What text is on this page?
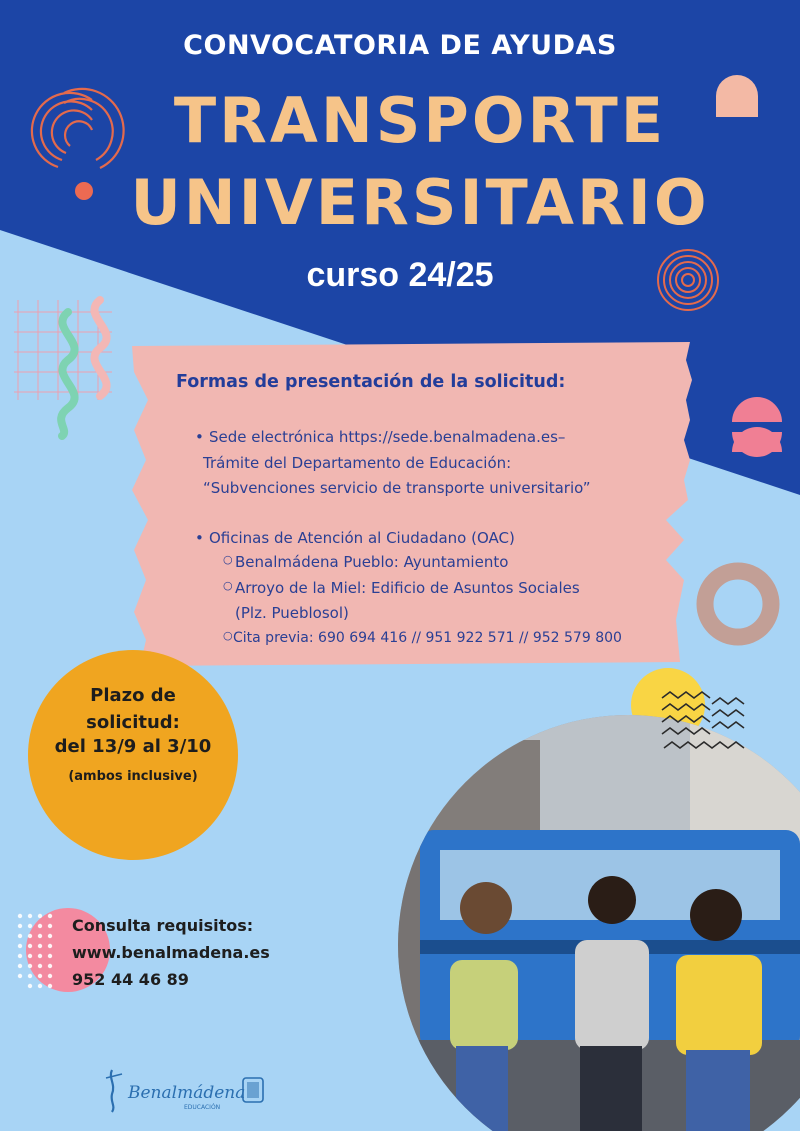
CONVOCATORIA DE AYUDAS
TRANSPORTE
UNIVERSITARIO
curso 24/25
Formas de presentación de la solicitud:
• Sede electrónica https://sede.benalmadena.es–
Trámite del Departamento de Educación:
“Subvenciones servicio de transporte universitario”
• Oficinas de Atención al Ciudadano (OAC)
○ Benalmádena Pueblo: Ayuntamiento
○ Arroyo de la Miel: Edificio de Asuntos Sociales
(Plz. Pueblosol)
○ Cita previa: 690 694 416 // 951 922 571 // 952 579 800
Plazo de
solicitud:
del 13/9 al 3/10
(ambos inclusive)
Consulta requisitos:
www.benalmadena.es
952 44 46 89
Benalmádena
EDUCACIÓN
